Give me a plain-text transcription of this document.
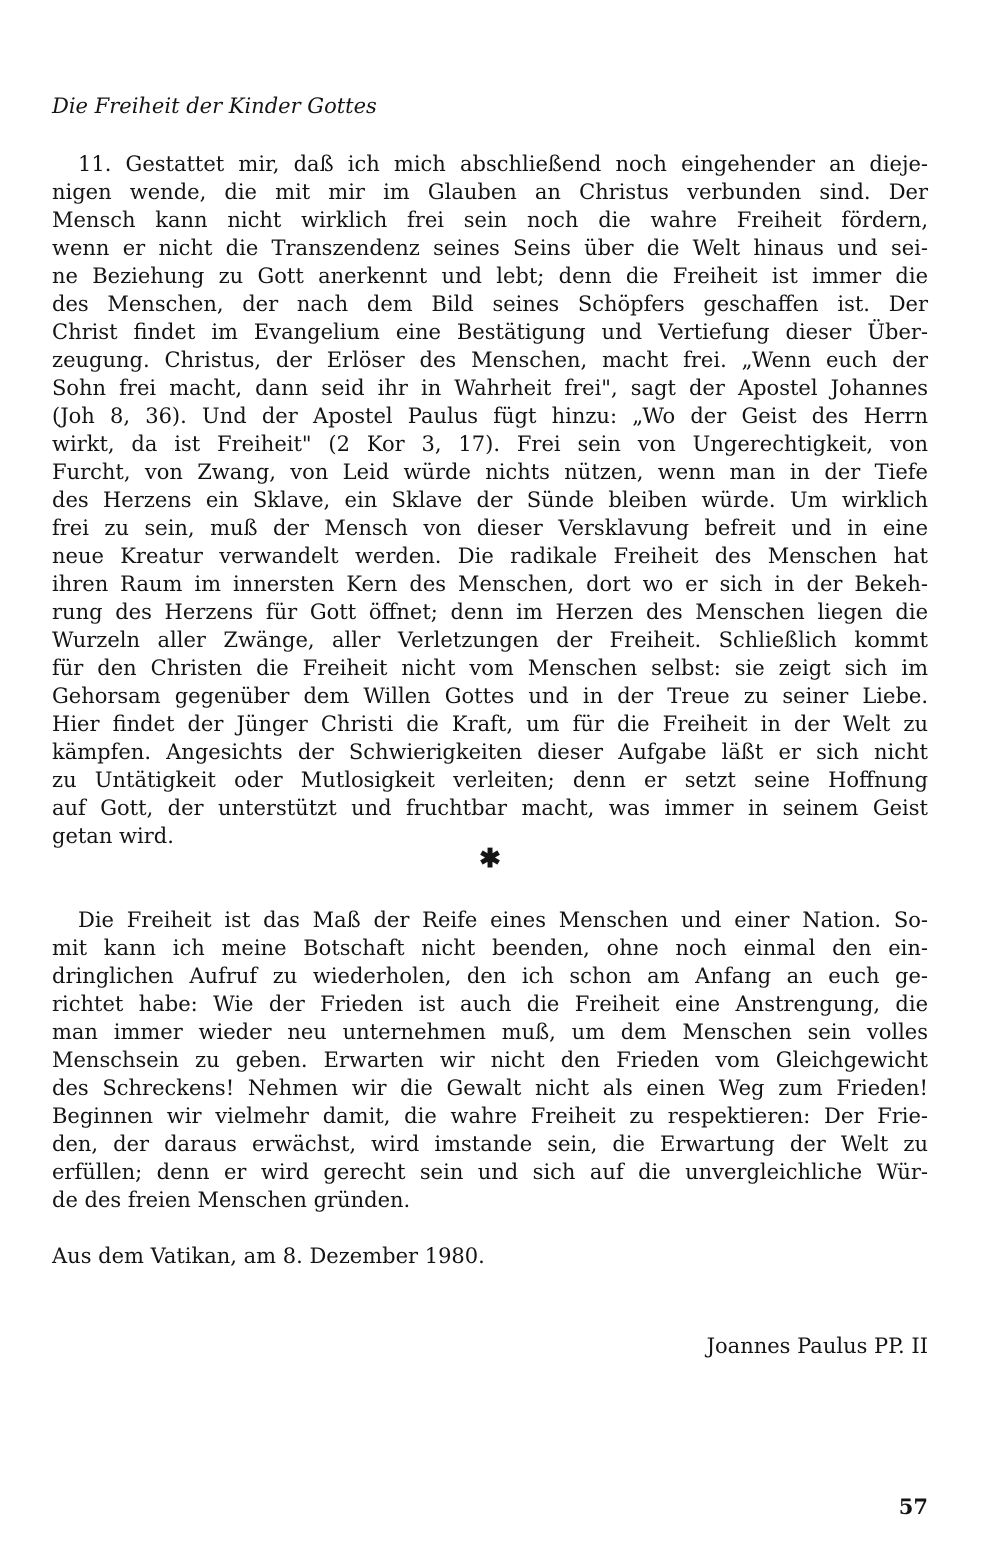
Die Freiheit der Kinder Gottes
11. Gestattet mir, daß ich mich abschließend noch eingehender an dieje-
nigen wende, die mit mir im Glauben an Christus verbunden sind. Der
Mensch kann nicht wirklich frei sein noch die wahre Freiheit fördern,
wenn er nicht die Transzendenz seines Seins über die Welt hinaus und sei-
ne Beziehung zu Gott anerkennt und lebt; denn die Freiheit ist immer die
des Menschen, der nach dem Bild seines Schöpfers geschaffen ist. Der
Christ findet im Evangelium eine Bestätigung und Vertiefung dieser Über-
zeugung. Christus, der Erlöser des Menschen, macht frei. „Wenn euch der
Sohn frei macht, dann seid ihr in Wahrheit frei", sagt der Apostel Johannes
(Joh 8, 36). Und der Apostel Paulus fügt hinzu: „Wo der Geist des Herrn
wirkt, da ist Freiheit" (2 Kor 3, 17). Frei sein von Ungerechtigkeit, von
Furcht, von Zwang, von Leid würde nichts nützen, wenn man in der Tiefe
des Herzens ein Sklave, ein Sklave der Sünde bleiben würde. Um wirklich
frei zu sein, muß der Mensch von dieser Versklavung befreit und in eine
neue Kreatur verwandelt werden. Die radikale Freiheit des Menschen hat
ihren Raum im innersten Kern des Menschen, dort wo er sich in der Bekeh-
rung des Herzens für Gott öffnet; denn im Herzen des Menschen liegen die
Wurzeln aller Zwänge, aller Verletzungen der Freiheit. Schließlich kommt
für den Christen die Freiheit nicht vom Menschen selbst: sie zeigt sich im
Gehorsam gegenüber dem Willen Gottes und in der Treue zu seiner Liebe.
Hier findet der Jünger Christi die Kraft, um für die Freiheit in der Welt zu
kämpfen. Angesichts der Schwierigkeiten dieser Aufgabe läßt er sich nicht
zu Untätigkeit oder Mutlosigkeit verleiten; denn er setzt seine Hoffnung
auf Gott, der unterstützt und fruchtbar macht, was immer in seinem Geist
getan wird.
✱
Die Freiheit ist das Maß der Reife eines Menschen und einer Nation. So-
mit kann ich meine Botschaft nicht beenden, ohne noch einmal den ein-
dringlichen Aufruf zu wiederholen, den ich schon am Anfang an euch ge-
richtet habe: Wie der Frieden ist auch die Freiheit eine Anstrengung, die
man immer wieder neu unternehmen muß, um dem Menschen sein volles
Menschsein zu geben. Erwarten wir nicht den Frieden vom Gleichgewicht
des Schreckens! Nehmen wir die Gewalt nicht als einen Weg zum Frieden!
Beginnen wir vielmehr damit, die wahre Freiheit zu respektieren: Der Frie-
den, der daraus erwächst, wird imstande sein, die Erwartung der Welt zu
erfüllen; denn er wird gerecht sein und sich auf die unvergleichliche Wür-
de des freien Menschen gründen.
Aus dem Vatikan, am 8. Dezember 1980.
Joannes Paulus PP. II
57
